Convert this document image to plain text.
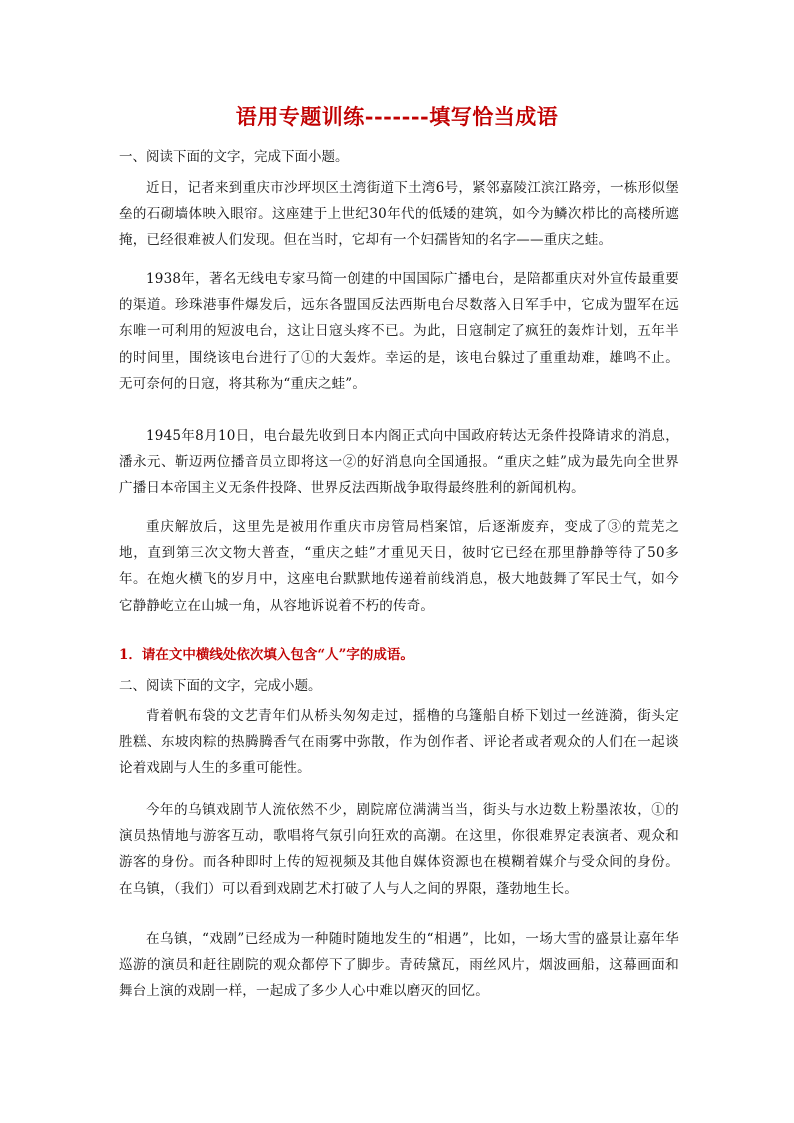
语用专题训练-------填写恰当成语
一、阅读下面的文字，完成下面小题。
近日，记者来到重庆市沙坪坝区土湾街道下土湾6号，紧邻嘉陵江滨江路旁，一栋形似堡垒的石砌墙体映入眼帘。这座建于上世纪30年代的低矮的建筑，如今为鳞次栉比的高楼所遮掩，已经很难被人们发现。但在当时，它却有一个妇孺皆知的名字——重庆之蛙。
1938年，著名无线电专家马简一创建的中国国际广播电台，是陪都重庆对外宣传最重要的渠道。珍珠港事件爆发后，远东各盟国反法西斯电台尽数落入日军手中，它成为盟军在远东唯一可利用的短波电台，这让日寇头疼不已。为此，日寇制定了疯狂的轰炸计划，五年半的时间里，围绕该电台进行了①的大轰炸。幸运的是，该电台躲过了重重劫难，雄鸣不止。无可奈何的日寇，将其称为“重庆之蛙”。
1945年8月10日，电台最先收到日本内阁正式向中国政府转达无条件投降请求的消息，潘永元、靳迈两位播音员立即将这一②的好消息向全国通报。“重庆之蛙”成为最先向全世界广播日本帝国主义无条件投降、世界反法西斯战争取得最终胜利的新闻机构。
重庆解放后，这里先是被用作重庆市房管局档案馆，后逐渐废弃，变成了③的荒芜之地，直到第三次文物大普查，“重庆之蛙”才重见天日，彼时它已经在那里静静等待了50多年。在炮火横飞的岁月中，这座电台默默地传递着前线消息，极大地鼓舞了军民士气，如今它静静屹立在山城一角，从容地诉说着不朽的传奇。
1．请在文中横线处依次填入包含“人”字的成语。
二、阅读下面的文字，完成小题。
背着帆布袋的文艺青年们从桥头匆匆走过，摇橹的乌篷船自桥下划过一丝涟漪，街头定胜糕、东坡肉粽的热腾腾香气在雨雾中弥散，作为创作者、评论者或者观众的人们在一起谈论着戏剧与人生的多重可能性。
今年的乌镇戏剧节人流依然不少，剧院席位满满当当，街头与水边数上粉墨浓妆，①的演员热情地与游客互动，歌唱将气氛引向狂欢的高潮。在这里，你很难界定表演者、观众和游客的身份。而各种即时上传的短视频及其他自媒体资源也在模糊着媒介与受众间的身份。在乌镇，（我们）可以看到戏剧艺术打破了人与人之间的界限，蓬勃地生长。
在乌镇，“戏剧”已经成为一种随时随地发生的“相遇”，比如，一场大雪的盛景让嘉年华巡游的演员和赶往剧院的观众都停下了脚步。青砖黛瓦，雨丝风片，烟波画船，这幕画面和舞台上演的戏剧一样，一起成了多少人心中难以磨灭的回忆。
